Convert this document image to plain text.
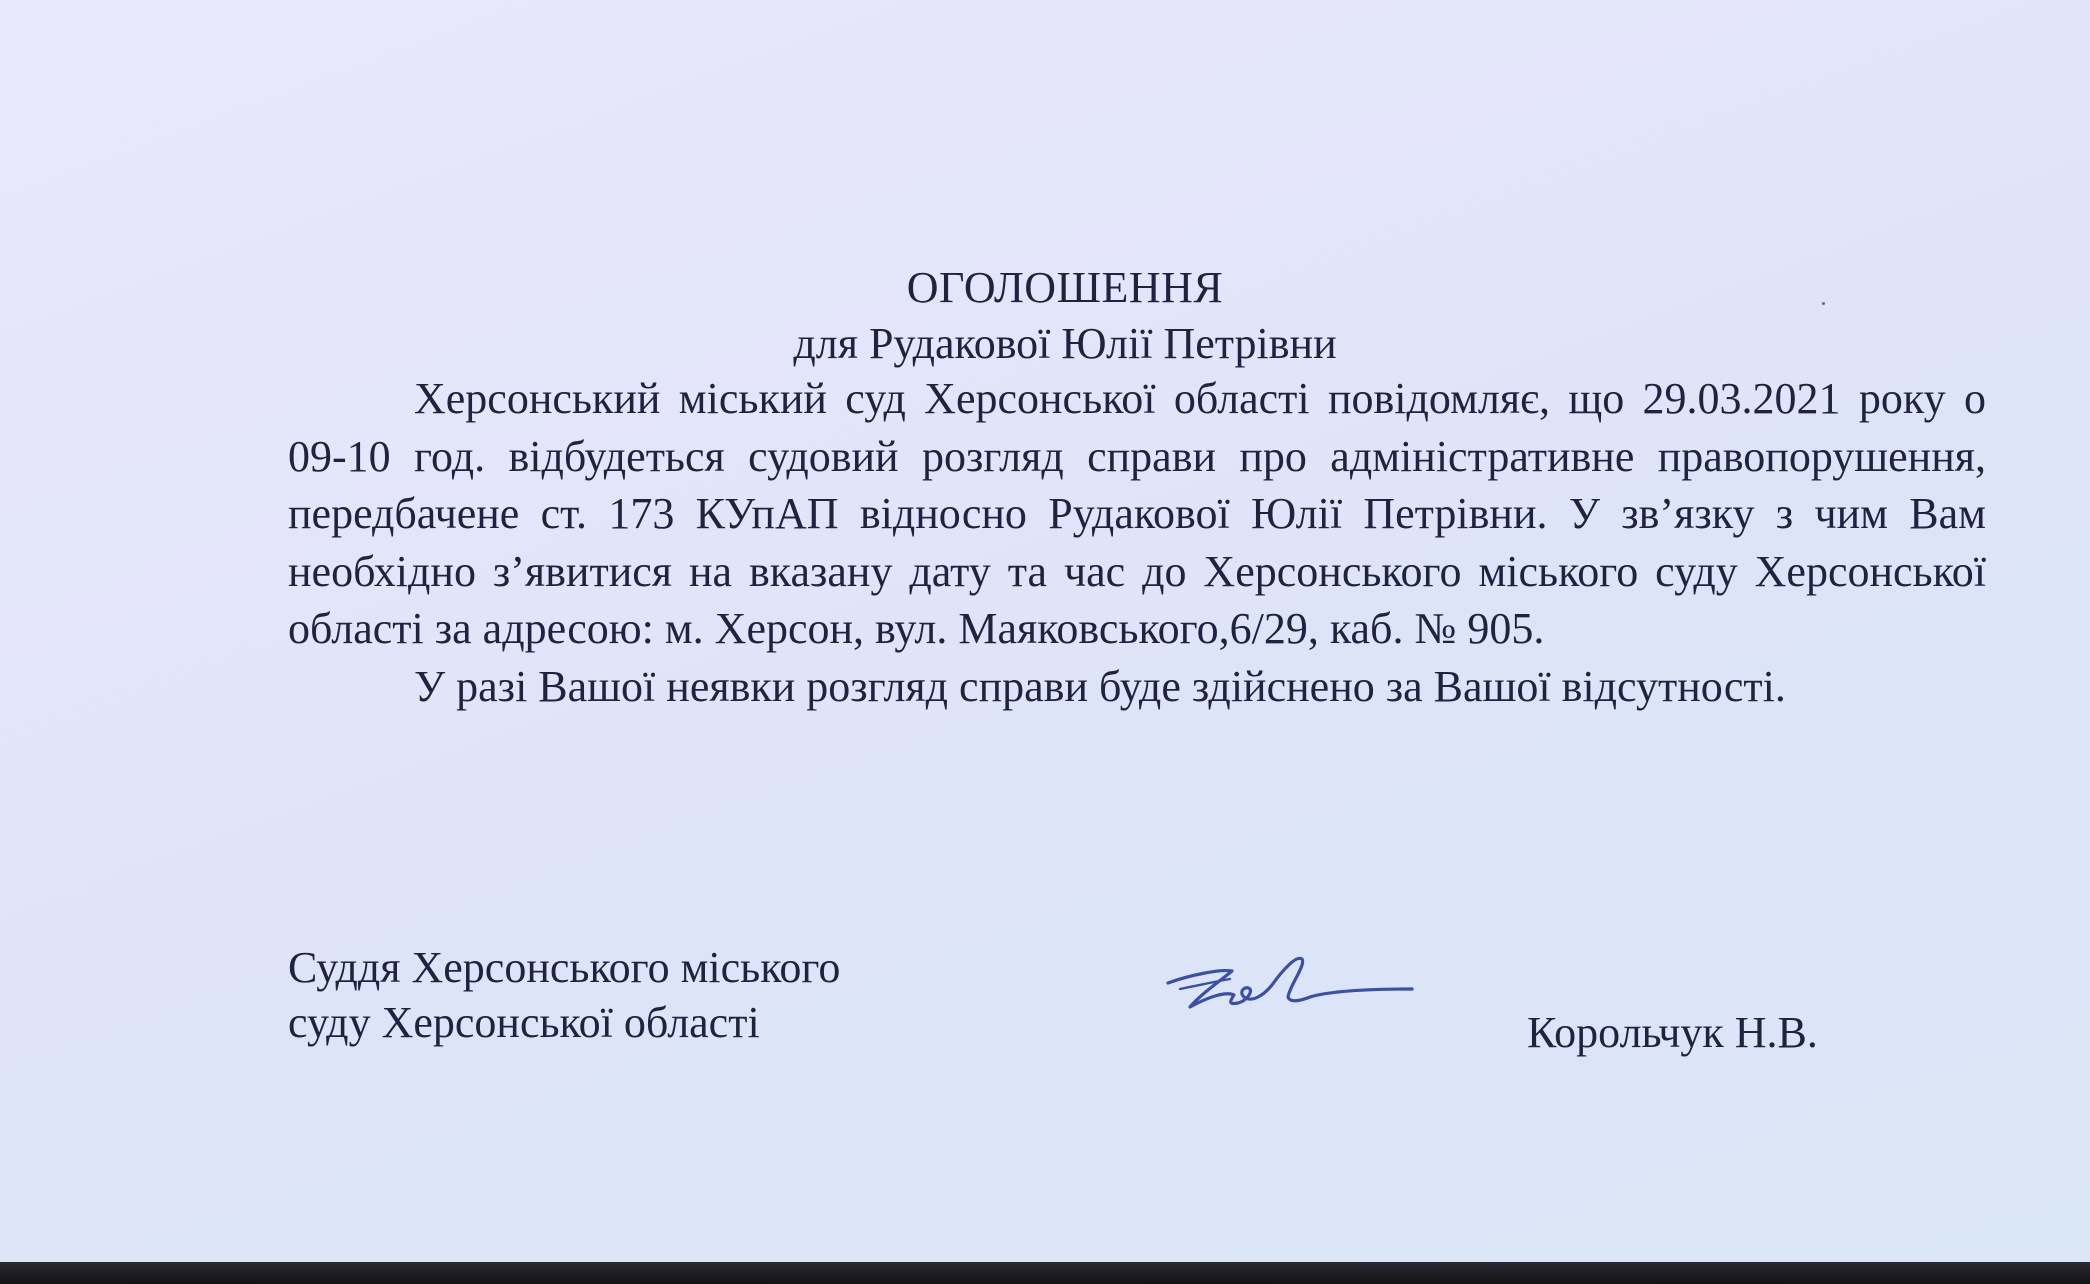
ОГОЛОШЕННЯ
для Рудакової Юлії Петрівни

Херсонський міський суд Херсонської області повідомляє, що 29.03.2021 року о 09-10 год. відбудеться судовий розгляд справи про адміністративне правопорушення, передбачене ст. 173 КУпАП відносно Рудакової Юлії Петрівни. У зв’язку з чим Вам необхідно з’явитися на вказану дату та час до Херсонського міського суду Херсонської області за адресою: м. Херсон, вул. Маяковського,6/29, каб. № 905.

У разі Вашої неявки розгляд справи буде здійснено за Вашої відсутності.

Суддя Херсонського міського
суду Херсонської області	Корольчук Н.В.
